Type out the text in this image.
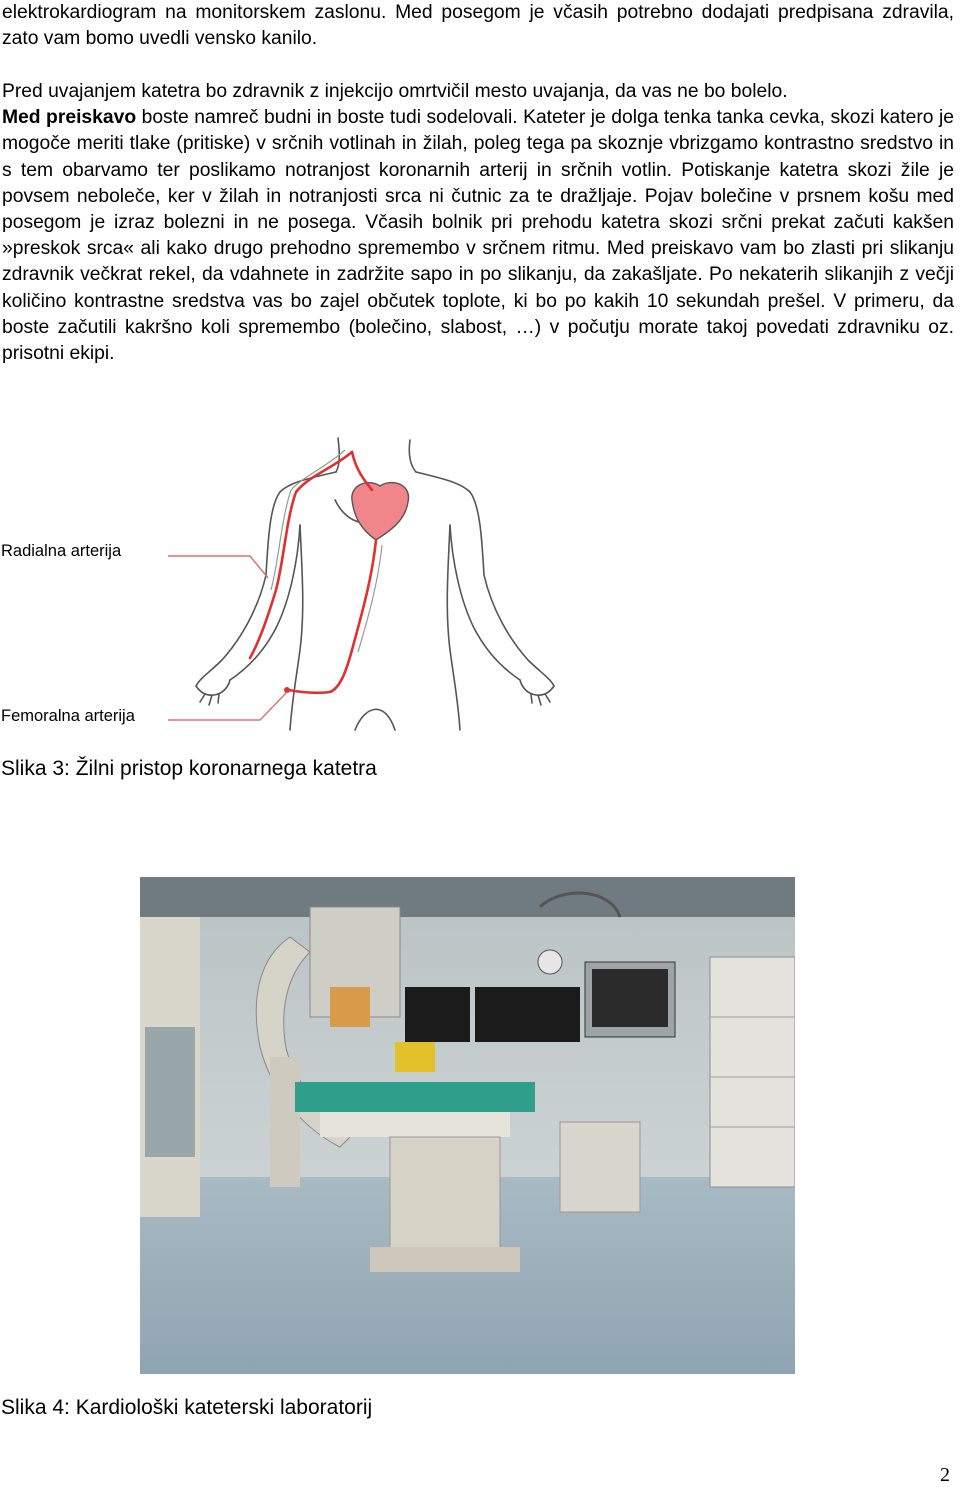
elektrokardiogram na monitorskem zaslonu. Med posegom je včasih potrebno dodajati predpisana zdravila, zato vam bomo uvedli vensko kanilo.

Pred uvajanjem katetra bo zdravnik z injekcijo omrtvičil mesto uvajanja, da vas ne bo bolelo.
Med preiskavo boste namreč budni in boste tudi sodelovali. Kateter je dolga tenka tanka cevka, skozi katero je mogoče meriti tlake (pritiske) v srčnih votlinah in žilah, poleg tega pa skoznje vbrizgamo kontrastno sredstvo in s tem obarvamo ter poslikamo notranjost koronarnih arterij in srčnih votlin. Potiskanje katetra skozi žile je povsem neboleče, ker v žilah in notranjosti srca ni čutnic za te dražljaje. Pojav bolečine v prsnem košu med posegom je izraz bolezni in ne posega. Včasih bolnik pri prehodu katetra skozi srčni prekat začuti kakšen »preskok srca« ali kako drugo prehodno spremembo v srčnem ritmu. Med preiskavo vam bo zlasti pri slikanju zdravnik večkrat rekel, da vdahnete in zadržite sapo in po slikanju, da zakašljate. Po nekaterih slikanjih z večji količino kontrastne sredstva vas bo zajel občutek toplote, ki bo po kakih 10 sekundah prešel. V primeru, da boste začutili kakršno koli spremembo (bolečino, slabost, …) v počutju morate takoj povedati zdravniku oz. prisotni ekipi.

Radialna arterija
Femoralna arterija
Slika 3: Žilni pristop koronarnega katetra
Slika 4: Kardiološki kateterski laboratorij
2
